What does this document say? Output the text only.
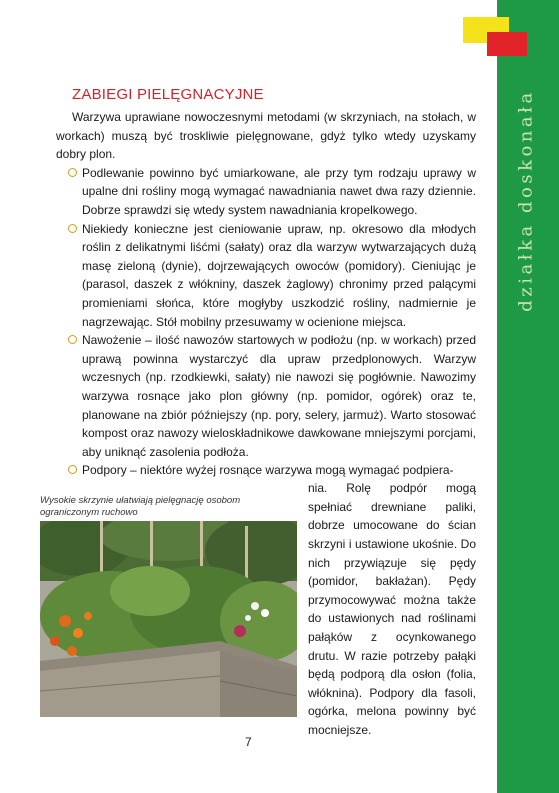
działka doskonała
ZABIEGI PIELĘGNACYJNE

Warzywa uprawiane nowoczesnymi metodami (w skrzyniach, na stołach, w workach) muszą być troskliwie pielęgnowane, gdyż tylko wtedy uzyskamy dobry plon.

Podlewanie powinno być umiarkowane, ale przy tym rodzaju uprawy w upalne dni rośliny mogą wymagać nawadniania nawet dwa razy dziennie. Dobrze sprawdzi się wtedy system nawadniania kropelkowego.

Niekiedy konieczne jest cieniowanie upraw, np. okresowo dla młodych roślin z delikatnymi liśćmi (sałaty) oraz dla warzyw wytwarzających dużą masę zieloną (dynie), dojrzewających owoców (pomidory). Cieniując je (parasol, daszek z włókniny, daszek żaglowy) chronimy przed palącymi promieniami słońca, które mogłyby uszkodzić rośliny, nadmiernie je nagrzewając. Stół mobilny przesuwamy w ocienione miejsca.

Nawożenie – ilość nawozów startowych w podłożu (np. w workach) przed uprawą powinna wystarczyć dla upraw przedplonowych. Warzyw wczesnych (np. rzodkiewki, sałaty) nie nawozi się pogłównie. Nawozimy warzywa rosnące jako plon główny (np. pomidor, ogórek) oraz te, planowane na zbiór późniejszy (np. pory, selery, jarmuż). Warto stosować kompost oraz nawozy wieloskładnikowe dawkowane mniejszymi porcjami, aby uniknąć zasolenia podłoża.

Podpory – niektóre wyżej rosnące warzywa mogą wymagać podpiera-

nia. Rolę podpór mogą spełniać drewniane paliki, dobrze umocowane do ścian skrzyni i ustawione ukośnie. Do nich przywiązuje się pędy (pomidor, bakłażan). Pędy przymocowywać można także do ustawionych nad roślinami pałąków z ocynkowanego drutu. W razie potrzeby pałąki będą podporą dla osłon (folia, włóknina). Podpory dla fasoli, ogórka, melona powinny być mocniejsze.

Wysokie skrzynie ułatwiają pielęgnację osobom ograniczonym ruchowo
7
